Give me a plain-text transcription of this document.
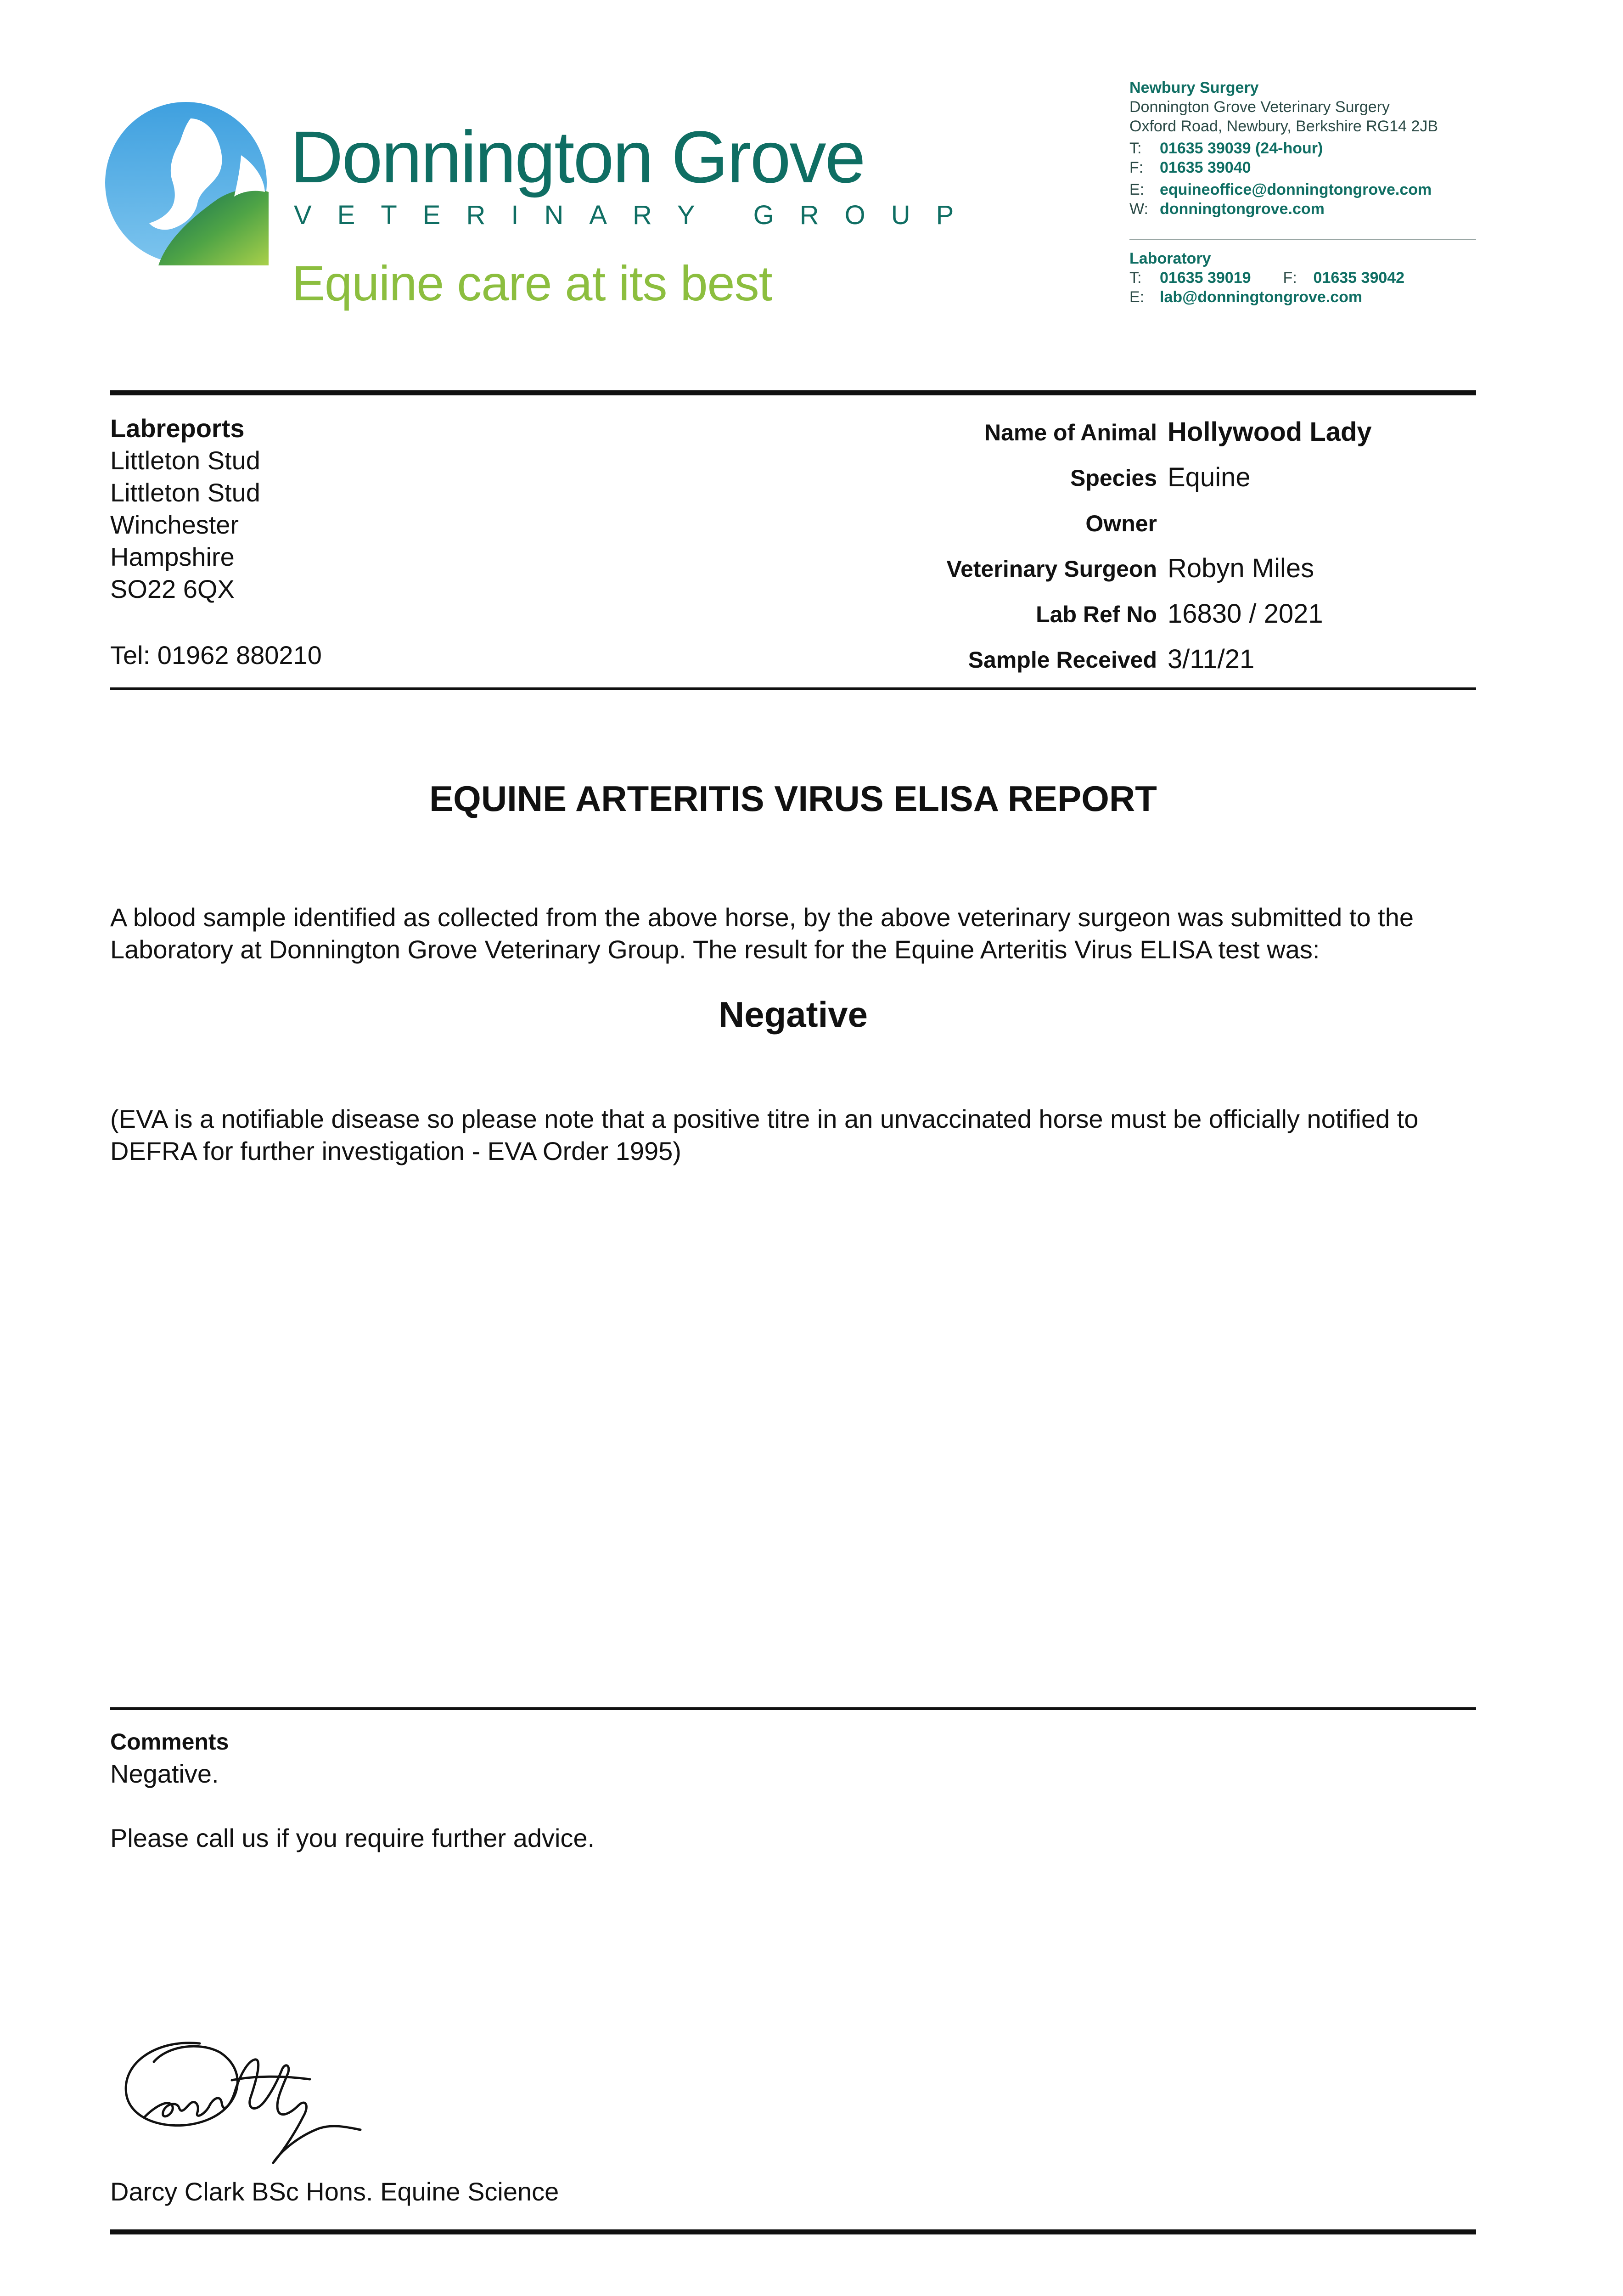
Donnington Grove
VETERINARY GROUP
Equine care at its best
Newbury Surgery
Donnington Grove Veterinary Surgery
Oxford Road, Newbury, Berkshire RG14 2JB
T: 01635 39039 (24-hour)
F: 01635 39040
E: equineoffice@donningtongrove.com
W: donningtongrove.com
Laboratory
T: 01635 39019 F: 01635 39042
E: lab@donningtongrove.com
Labreports
Littleton Stud
Littleton Stud
Winchester
Hampshire
SO22 6QX
Tel: 01962 880210
Name of Animal Hollywood Lady
Species Equine
Owner
Veterinary Surgeon Robyn Miles
Lab Ref No 16830 / 2021
Sample Received 3/11/21
EQUINE ARTERITIS VIRUS ELISA REPORT
A blood sample identified as collected from the above horse, by the above veterinary surgeon was submitted to the Laboratory at Donnington Grove Veterinary Group. The result for the Equine Arteritis Virus ELISA test was:
Negative
(EVA is a notifiable disease so please note that a positive titre in an unvaccinated horse must be officially notified to DEFRA for further investigation - EVA Order 1995)
Comments
Negative.
Please call us if you require further advice.
Darcy Clark BSc Hons. Equine Science
